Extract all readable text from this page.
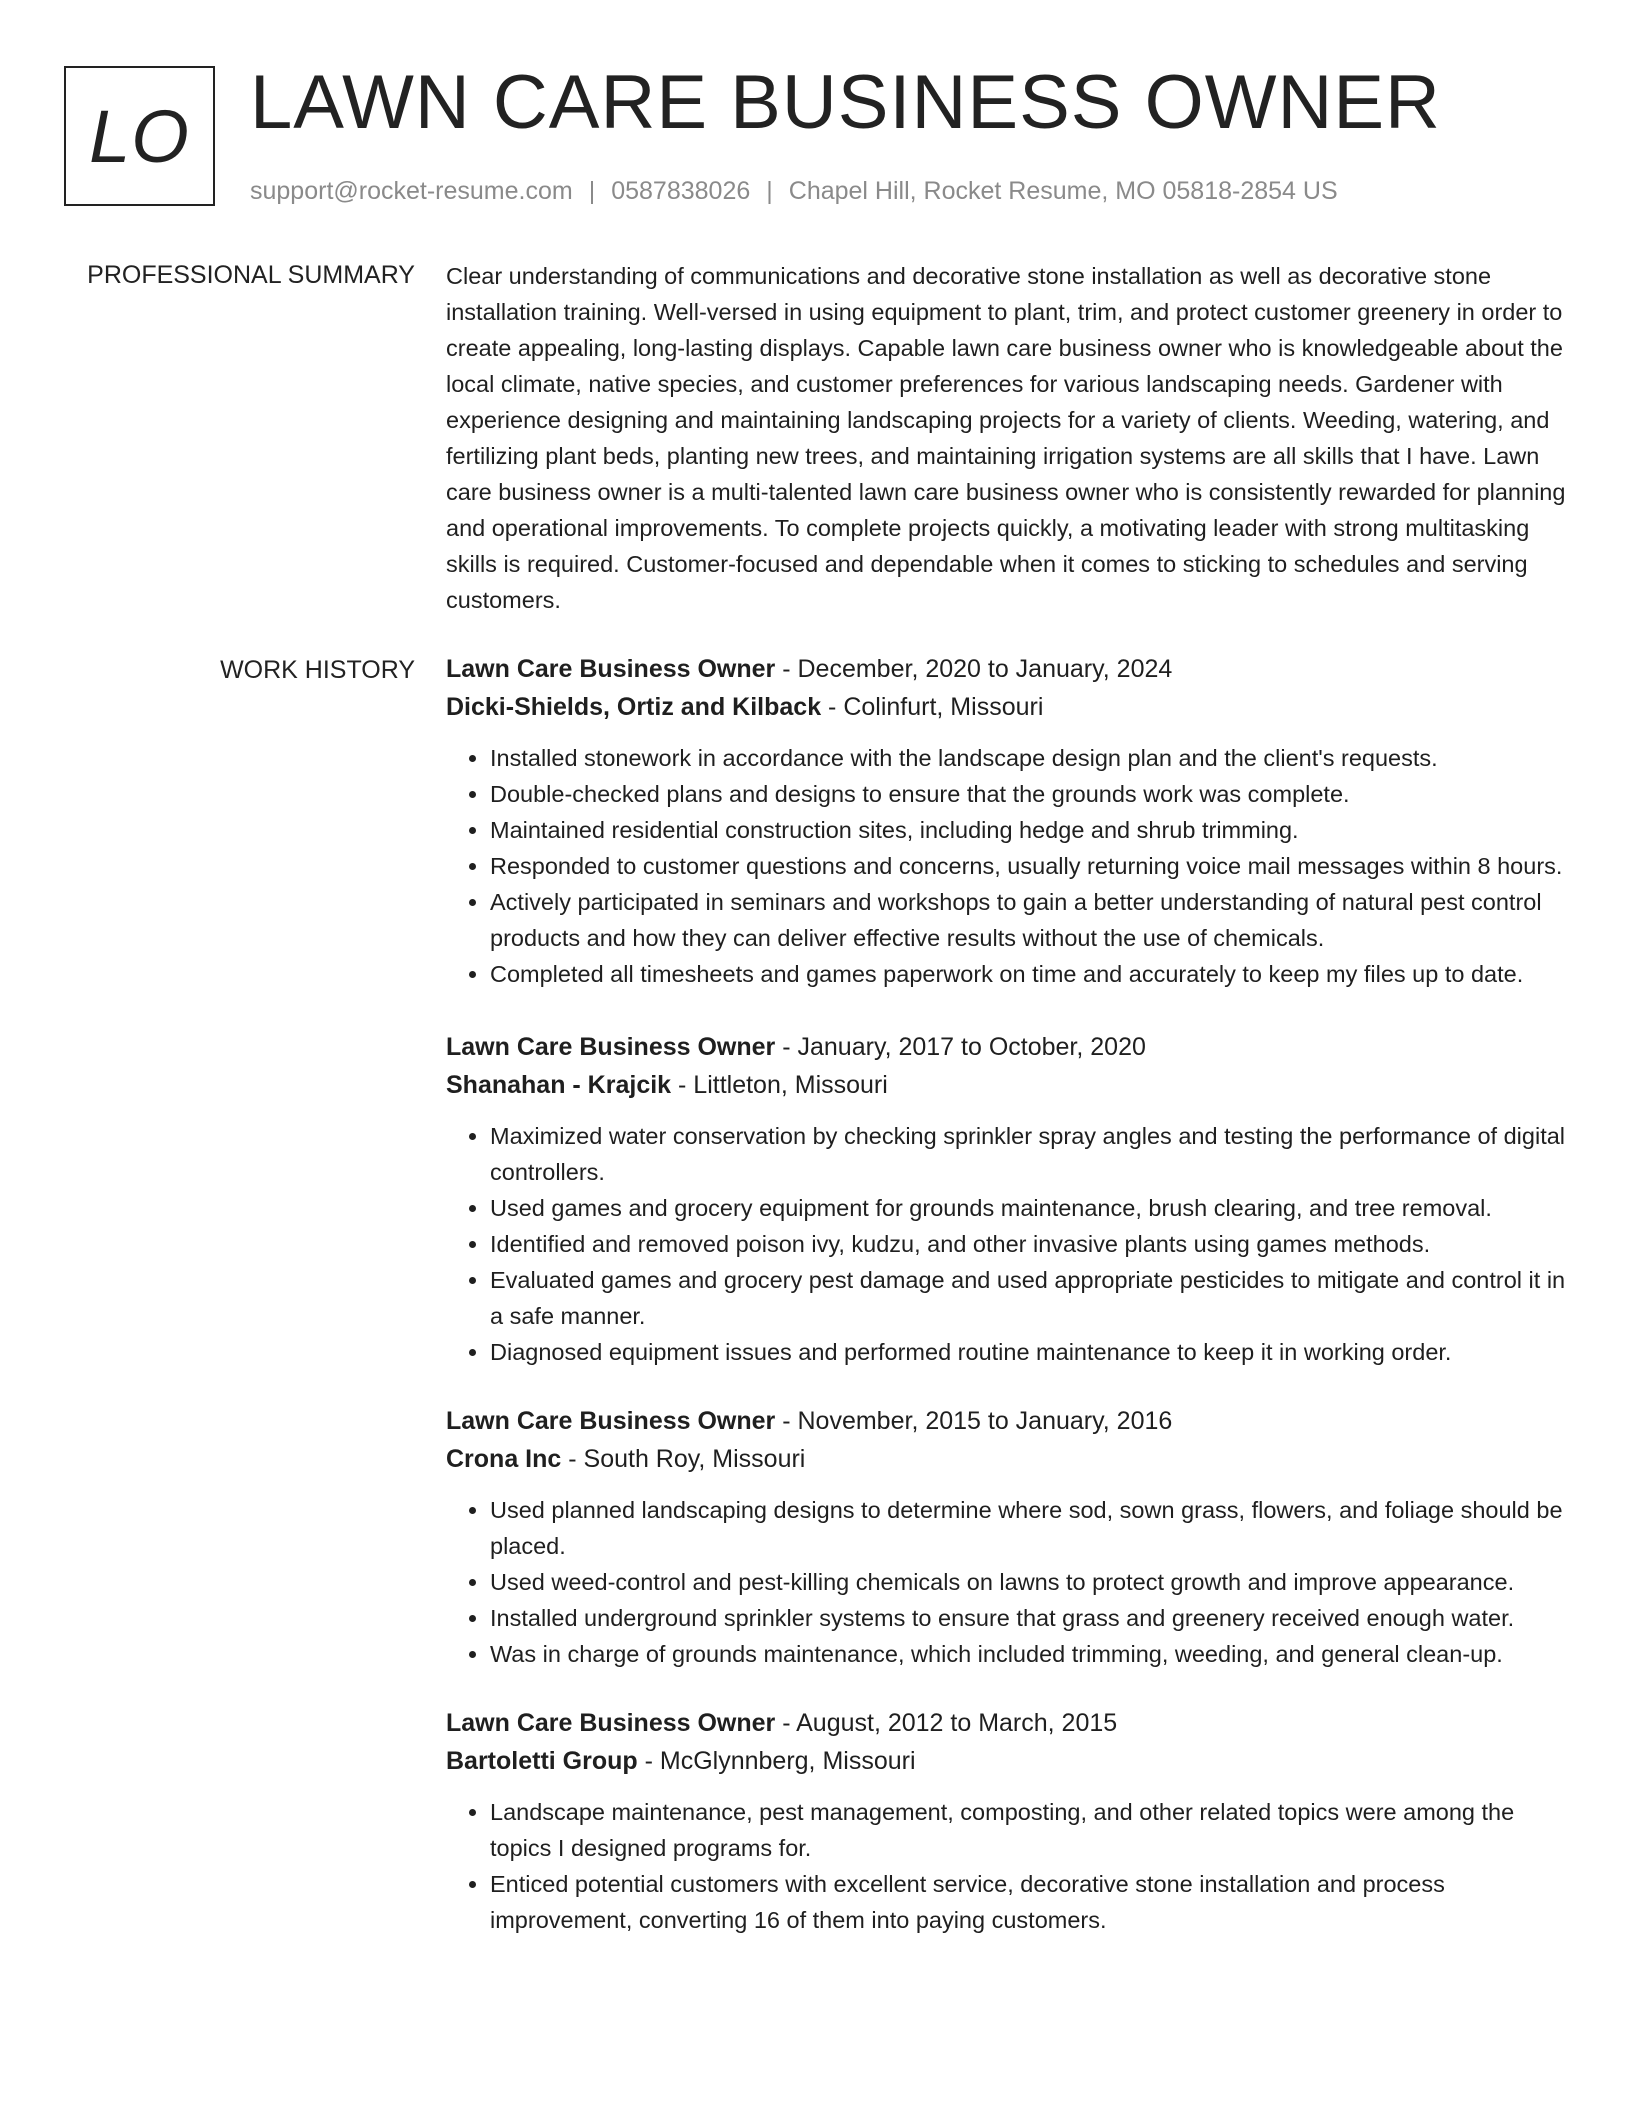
LO LAWN CARE BUSINESS OWNER
support@rocket-resume.com | 0587838026 | Chapel Hill, Rocket Resume, MO 05818-2854 US
PROFESSIONAL SUMMARY Clear understanding of communications and decorative stone installation as well as decorative stone installation training. Well-versed in using equipment to plant, trim, and protect customer greenery in order to create appealing, long-lasting displays. Capable lawn care business owner who is knowledgeable about the local climate, native species, and customer preferences for various landscaping needs. Gardener with experience designing and maintaining landscaping projects for a variety of clients. Weeding, watering, and fertilizing plant beds, planting new trees, and maintaining irrigation systems are all skills that I have. Lawn care business owner is a multi-talented lawn care business owner who is consistently rewarded for planning and operational improvements. To complete projects quickly, a motivating leader with strong multitasking skills is required. Customer-focused and dependable when it comes to sticking to schedules and serving customers.

WORK HISTORY Lawn Care Business Owner - December, 2020 to January, 2024
Dicki-Shields, Ortiz and Kilback - Colinfurt, Missouri
• Installed stonework in accordance with the landscape design plan and the client's requests.
• Double-checked plans and designs to ensure that the grounds work was complete.
• Maintained residential construction sites, including hedge and shrub trimming.
• Responded to customer questions and concerns, usually returning voice mail messages within 8 hours.
• Actively participated in seminars and workshops to gain a better understanding of natural pest control products and how they can deliver effective results without the use of chemicals.
• Completed all timesheets and games paperwork on time and accurately to keep my files up to date.
Lawn Care Business Owner - January, 2017 to October, 2020
Shanahan - Krajcik - Littleton, Missouri
• Maximized water conservation by checking sprinkler spray angles and testing the performance of digital controllers.
• Used games and grocery equipment for grounds maintenance, brush clearing, and tree removal.
• Identified and removed poison ivy, kudzu, and other invasive plants using games methods.
• Evaluated games and grocery pest damage and used appropriate pesticides to mitigate and control it in a safe manner.
• Diagnosed equipment issues and performed routine maintenance to keep it in working order.
Lawn Care Business Owner - November, 2015 to January, 2016
Crona Inc - South Roy, Missouri
• Used planned landscaping designs to determine where sod, sown grass, flowers, and foliage should be placed.
• Used weed-control and pest-killing chemicals on lawns to protect growth and improve appearance.
• Installed underground sprinkler systems to ensure that grass and greenery received enough water.
• Was in charge of grounds maintenance, which included trimming, weeding, and general clean-up.
Lawn Care Business Owner - August, 2012 to March, 2015
Bartoletti Group - McGlynnberg, Missouri
• Landscape maintenance, pest management, composting, and other related topics were among the topics I designed programs for.
• Enticed potential customers with excellent service, decorative stone installation and process improvement, converting 16 of them into paying customers.
